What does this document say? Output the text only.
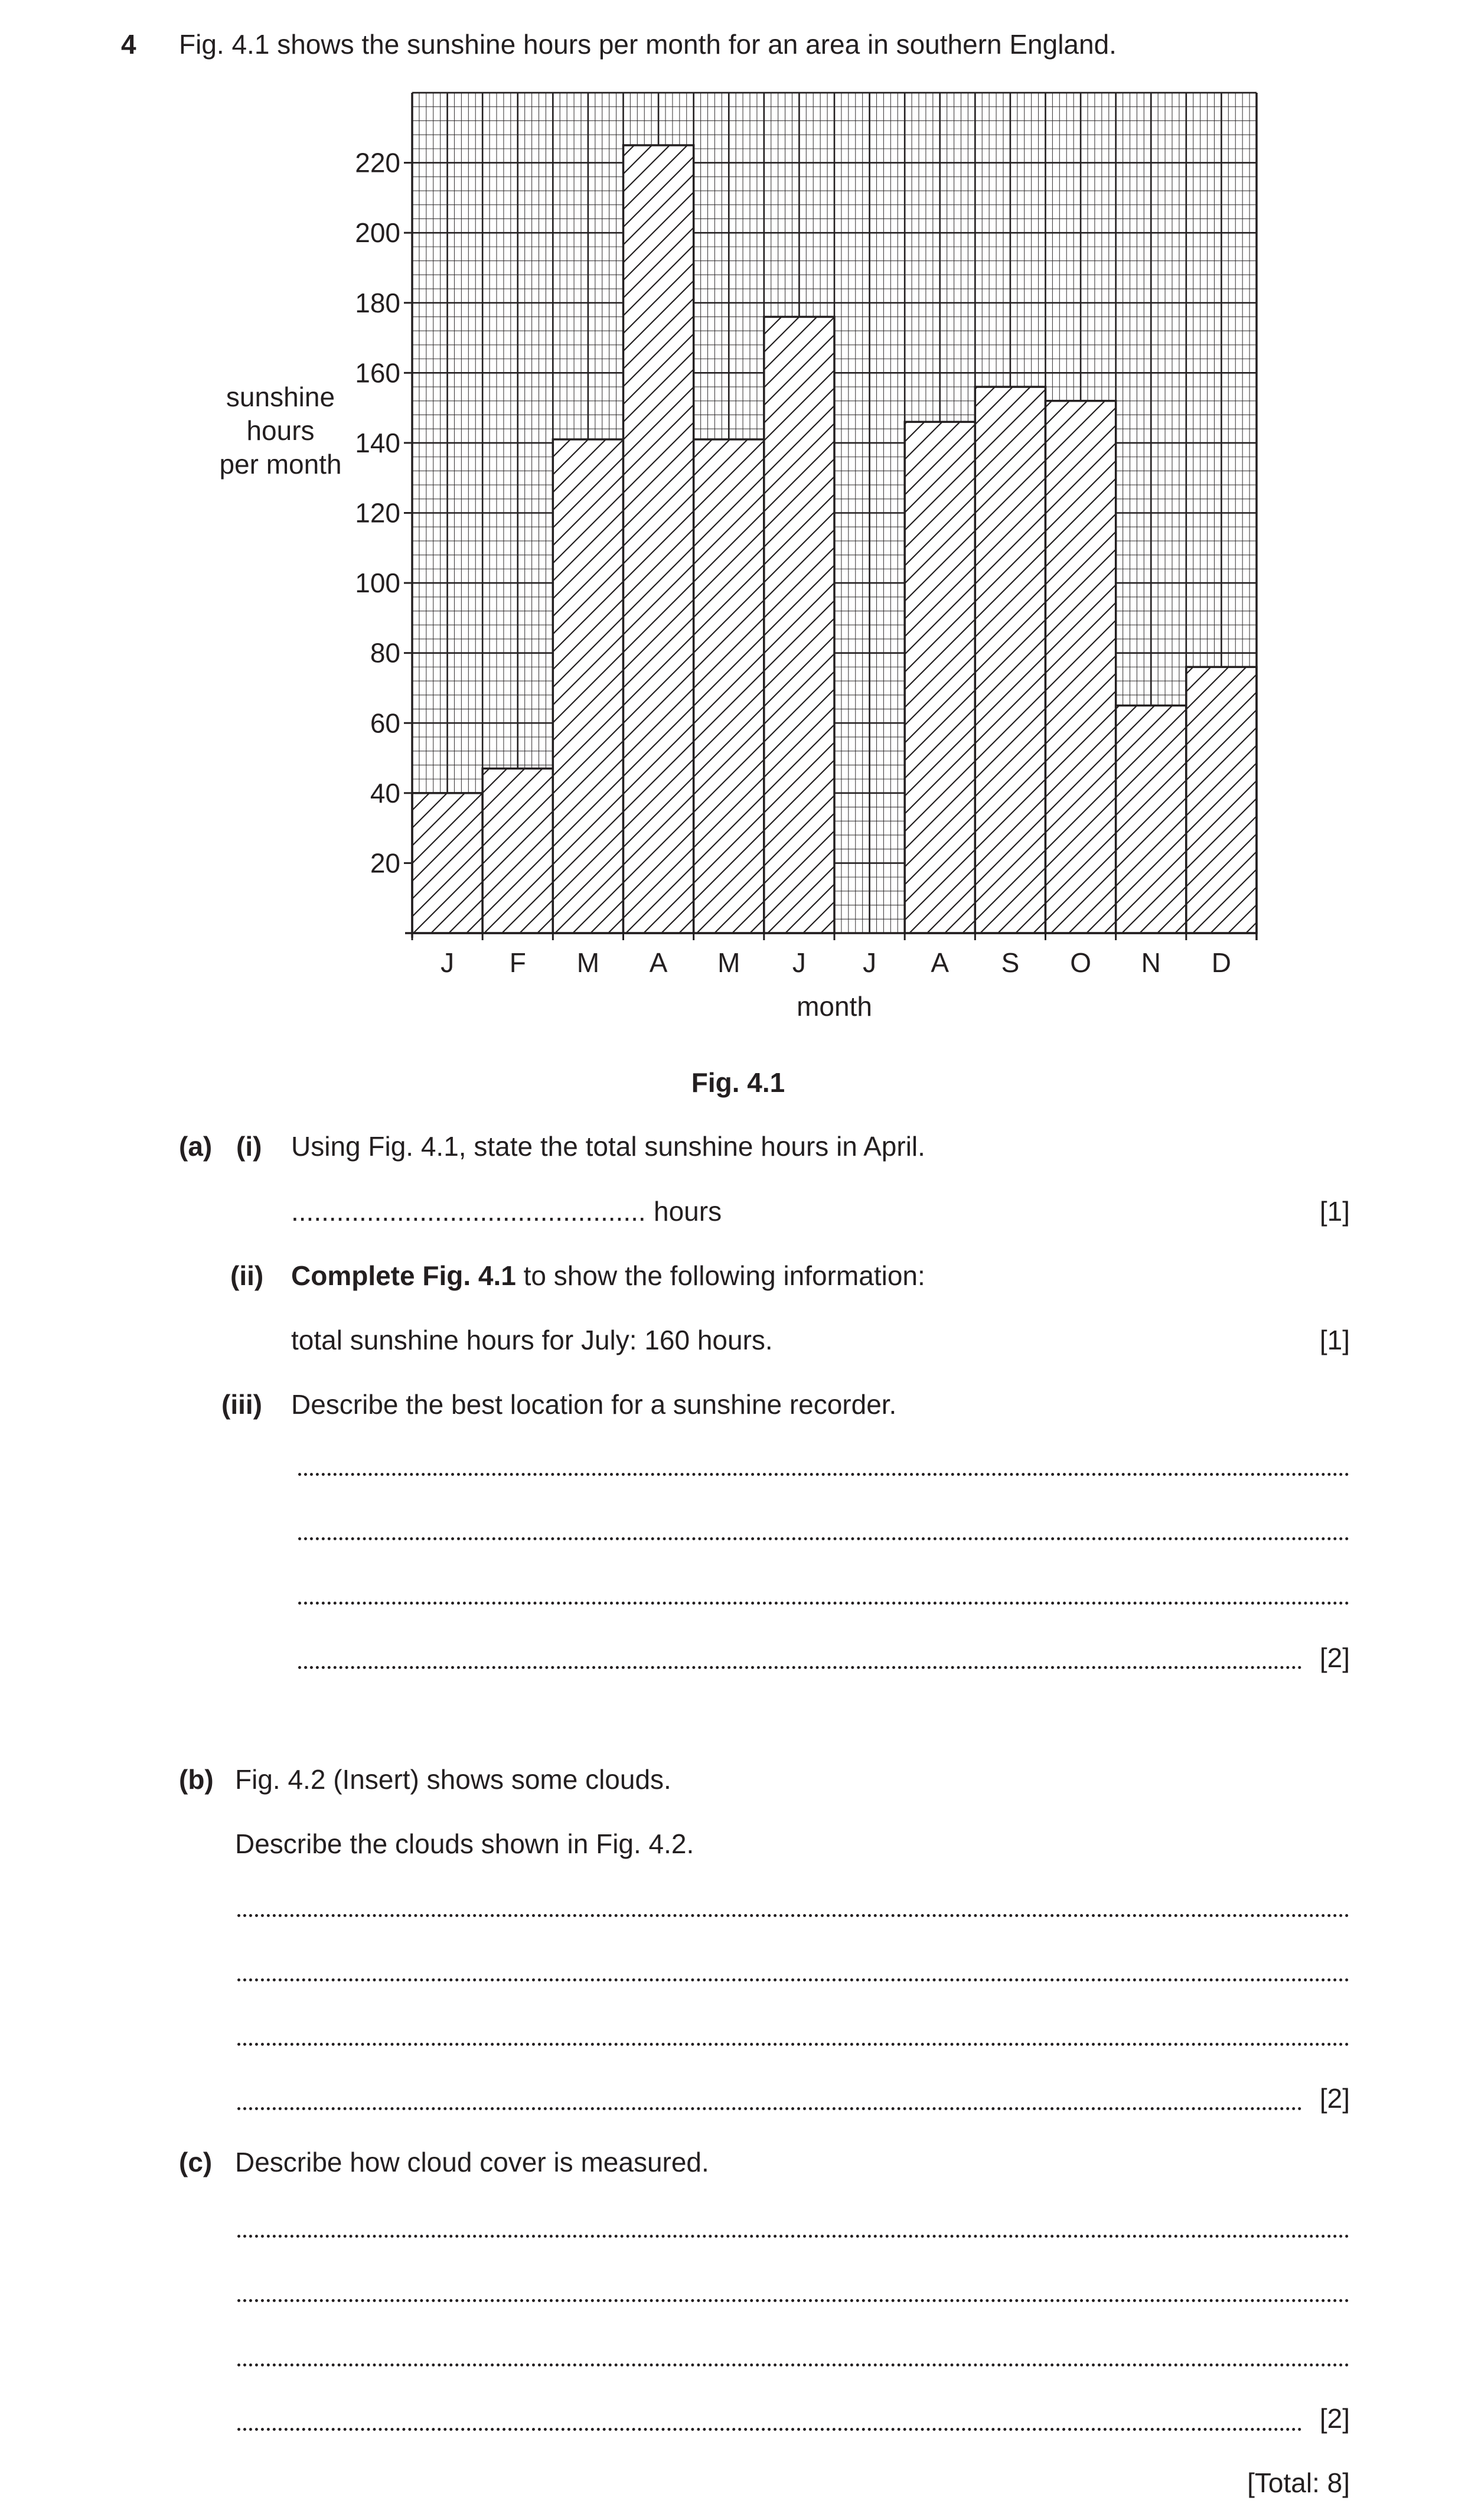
4 Fig. 4.1 shows the sunshine hours per month for an area in southern England.
20
40
60
80
100
120
140
160
180
200
220
J F M A M J J A S O N D
month
sunshine
hours
per month
Fig. 4.1
(a) (i) Using Fig. 4.1, state the total sunshine hours in April.
............................................... hours	[1]
(ii) Complete Fig. 4.1 to show the following information:
total sunshine hours for July: 160 hours.	[1]
(iii) Describe the best location for a sunshine recorder.
[2]
(b) Fig. 4.2 (Insert) shows some clouds.
Describe the clouds shown in Fig. 4.2.
[2]
(c) Describe how cloud cover is measured.
[2]
[Total: 8]
